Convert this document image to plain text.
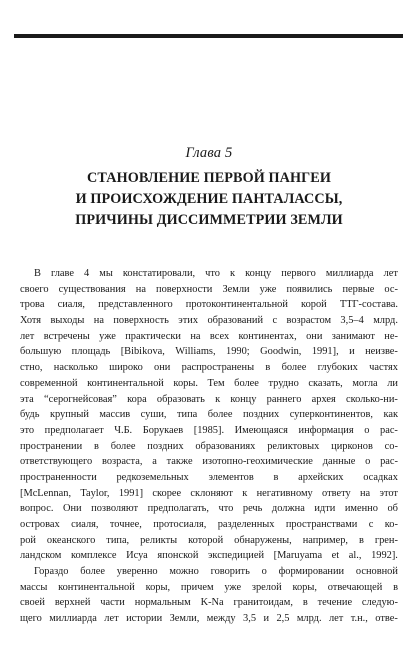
Глава 5
СТАНОВЛЕНИЕ ПЕРВОЙ ПАНГЕИ
И ПРОИСХОЖДЕНИЕ ПАНТАЛАССЫ,
ПРИЧИНЫ ДИССИММЕТРИИ ЗЕМЛИ
В главе 4 мы констатировали, что к концу первого миллиарда лет
своего существования на поверхности Земли уже появились первые ос-
трова сиаля, представленного протоконтинентальной корой ТТГ-состава.
Хотя выходы на поверхность этих образований с возрастом 3,5–4 млрд.
лет встречены уже практически на всех континентах, они занимают не-
большую площадь [Bibikova, Williams, 1990; Goodwin, 1991], и неизве-
стно, насколько широко они распространены в более глубоких частях
современной континентальной коры. Тем более трудно сказать, могла ли
эта “серогнейсовая” кора образовать к концу раннего архея сколько-ни-
будь крупный массив суши, типа более поздних суперконтинентов, как
это предполагает Ч.Б. Борукаев [1985]. Имеющаяся информация о рас-
пространении в более поздних образованиях реликтовых цирконов со-
ответствующего возраста, а также изотопно-геохимические данные о рас-
пространенности редкоземельных элементов в архейских осадках
[McLennan, Taylor, 1991] скорее склоняют к негативному ответу на этот
вопрос. Они позволяют предполагать, что речь должна идти именно об
островах сиаля, точнее, протосиаля, разделенных пространствами с ко-
рой океанского типа, реликты которой обнаружены, например, в грен-
ландском комплексе Исуа японской экспедицией [Maruyama et al., 1992].
Гораздо более уверенно можно говорить о формировании основной
массы континентальной коры, причем уже зрелой коры, отвечающей в
своей верхней части нормальным K-Na гранитоидам, в течение следую-
щего миллиарда лет истории Земли, между 3,5 и 2,5 млрд. лет т.н., отве-
